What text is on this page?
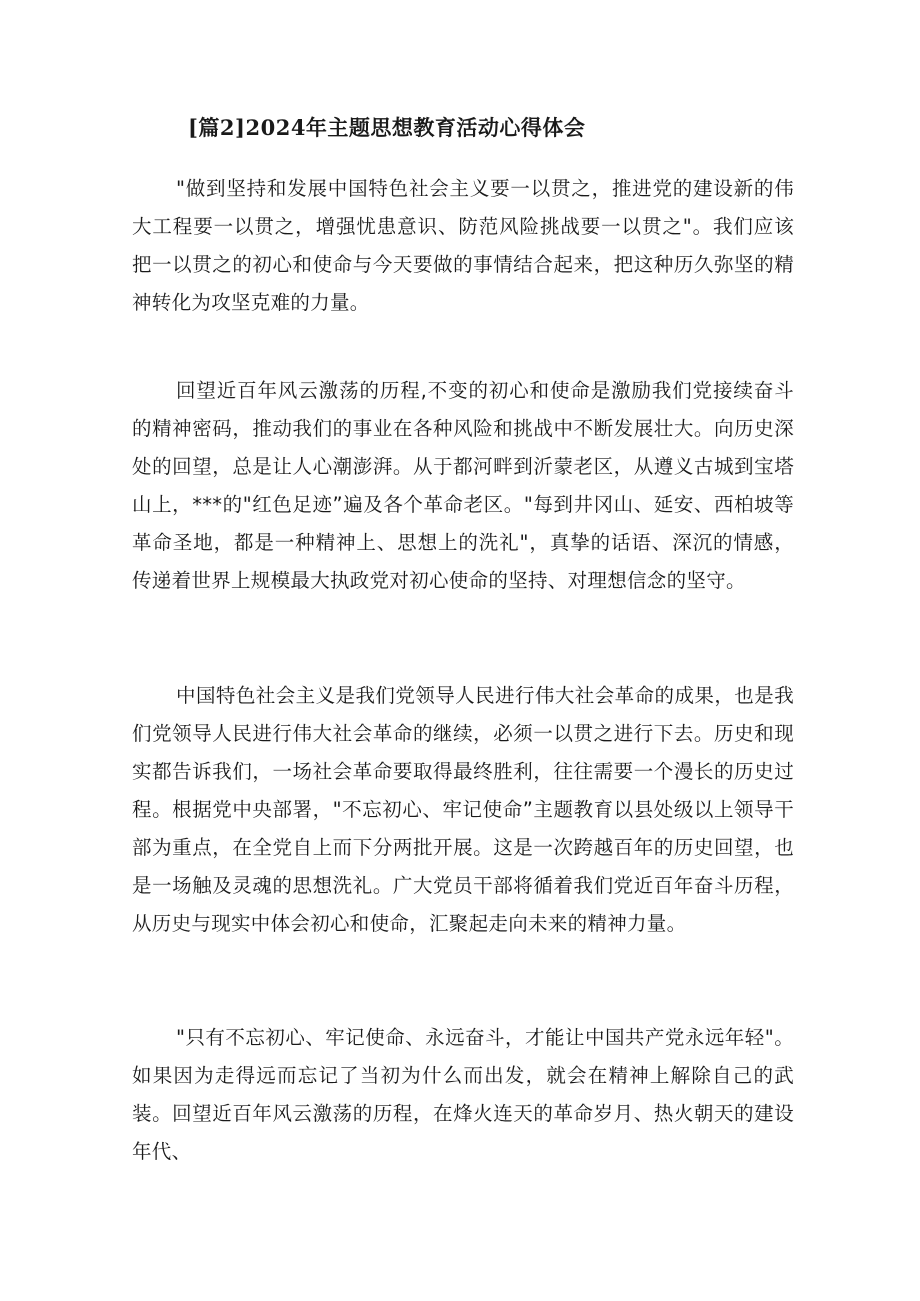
[篇2]2024年主题思想教育活动心得体会

"做到坚持和发展中国特色社会主义要一以贯之，推进党的建设新的伟大工程要一以贯之，增强忧患意识、防范风险挑战要一以贯之"。我们应该把一以贯之的初心和使命与今天要做的事情结合起来，把这种历久弥坚的精神转化为攻坚克难的力量。

回望近百年风云激荡的历程,不变的初心和使命是激励我们党接续奋斗的精神密码，推动我们的事业在各种风险和挑战中不断发展壮大。向历史深处的回望，总是让人心潮澎湃。从于都河畔到沂蒙老区，从遵义古城到宝塔山上，***的"红色足迹”遍及各个革命老区。"每到井冈山、延安、西柏坡等革命圣地，都是一种精神上、思想上的洗礼"，真挚的话语、深沉的情感，传递着世界上规模最大执政党对初心使命的坚持、对理想信念的坚守。

中国特色社会主义是我们党领导人民进行伟大社会革命的成果，也是我们党领导人民进行伟大社会革命的继续，必须一以贯之进行下去。历史和现实都告诉我们，一场社会革命要取得最终胜利，往往需要一个漫长的历史过程。根据党中央部署，"不忘初心、牢记使命”主题教育以县处级以上领导干部为重点，在全党自上而下分两批开展。这是一次跨越百年的历史回望，也是一场触及灵魂的思想洗礼。广大党员干部将循着我们党近百年奋斗历程，从历史与现实中体会初心和使命，汇聚起走向未来的精神力量。

"只有不忘初心、牢记使命、永远奋斗，才能让中国共产党永远年轻"。如果因为走得远而忘记了当初为什么而出发，就会在精神上解除自己的武装。回望近百年风云激荡的历程，在烽火连天的革命岁月、热火朝天的建设年代、
